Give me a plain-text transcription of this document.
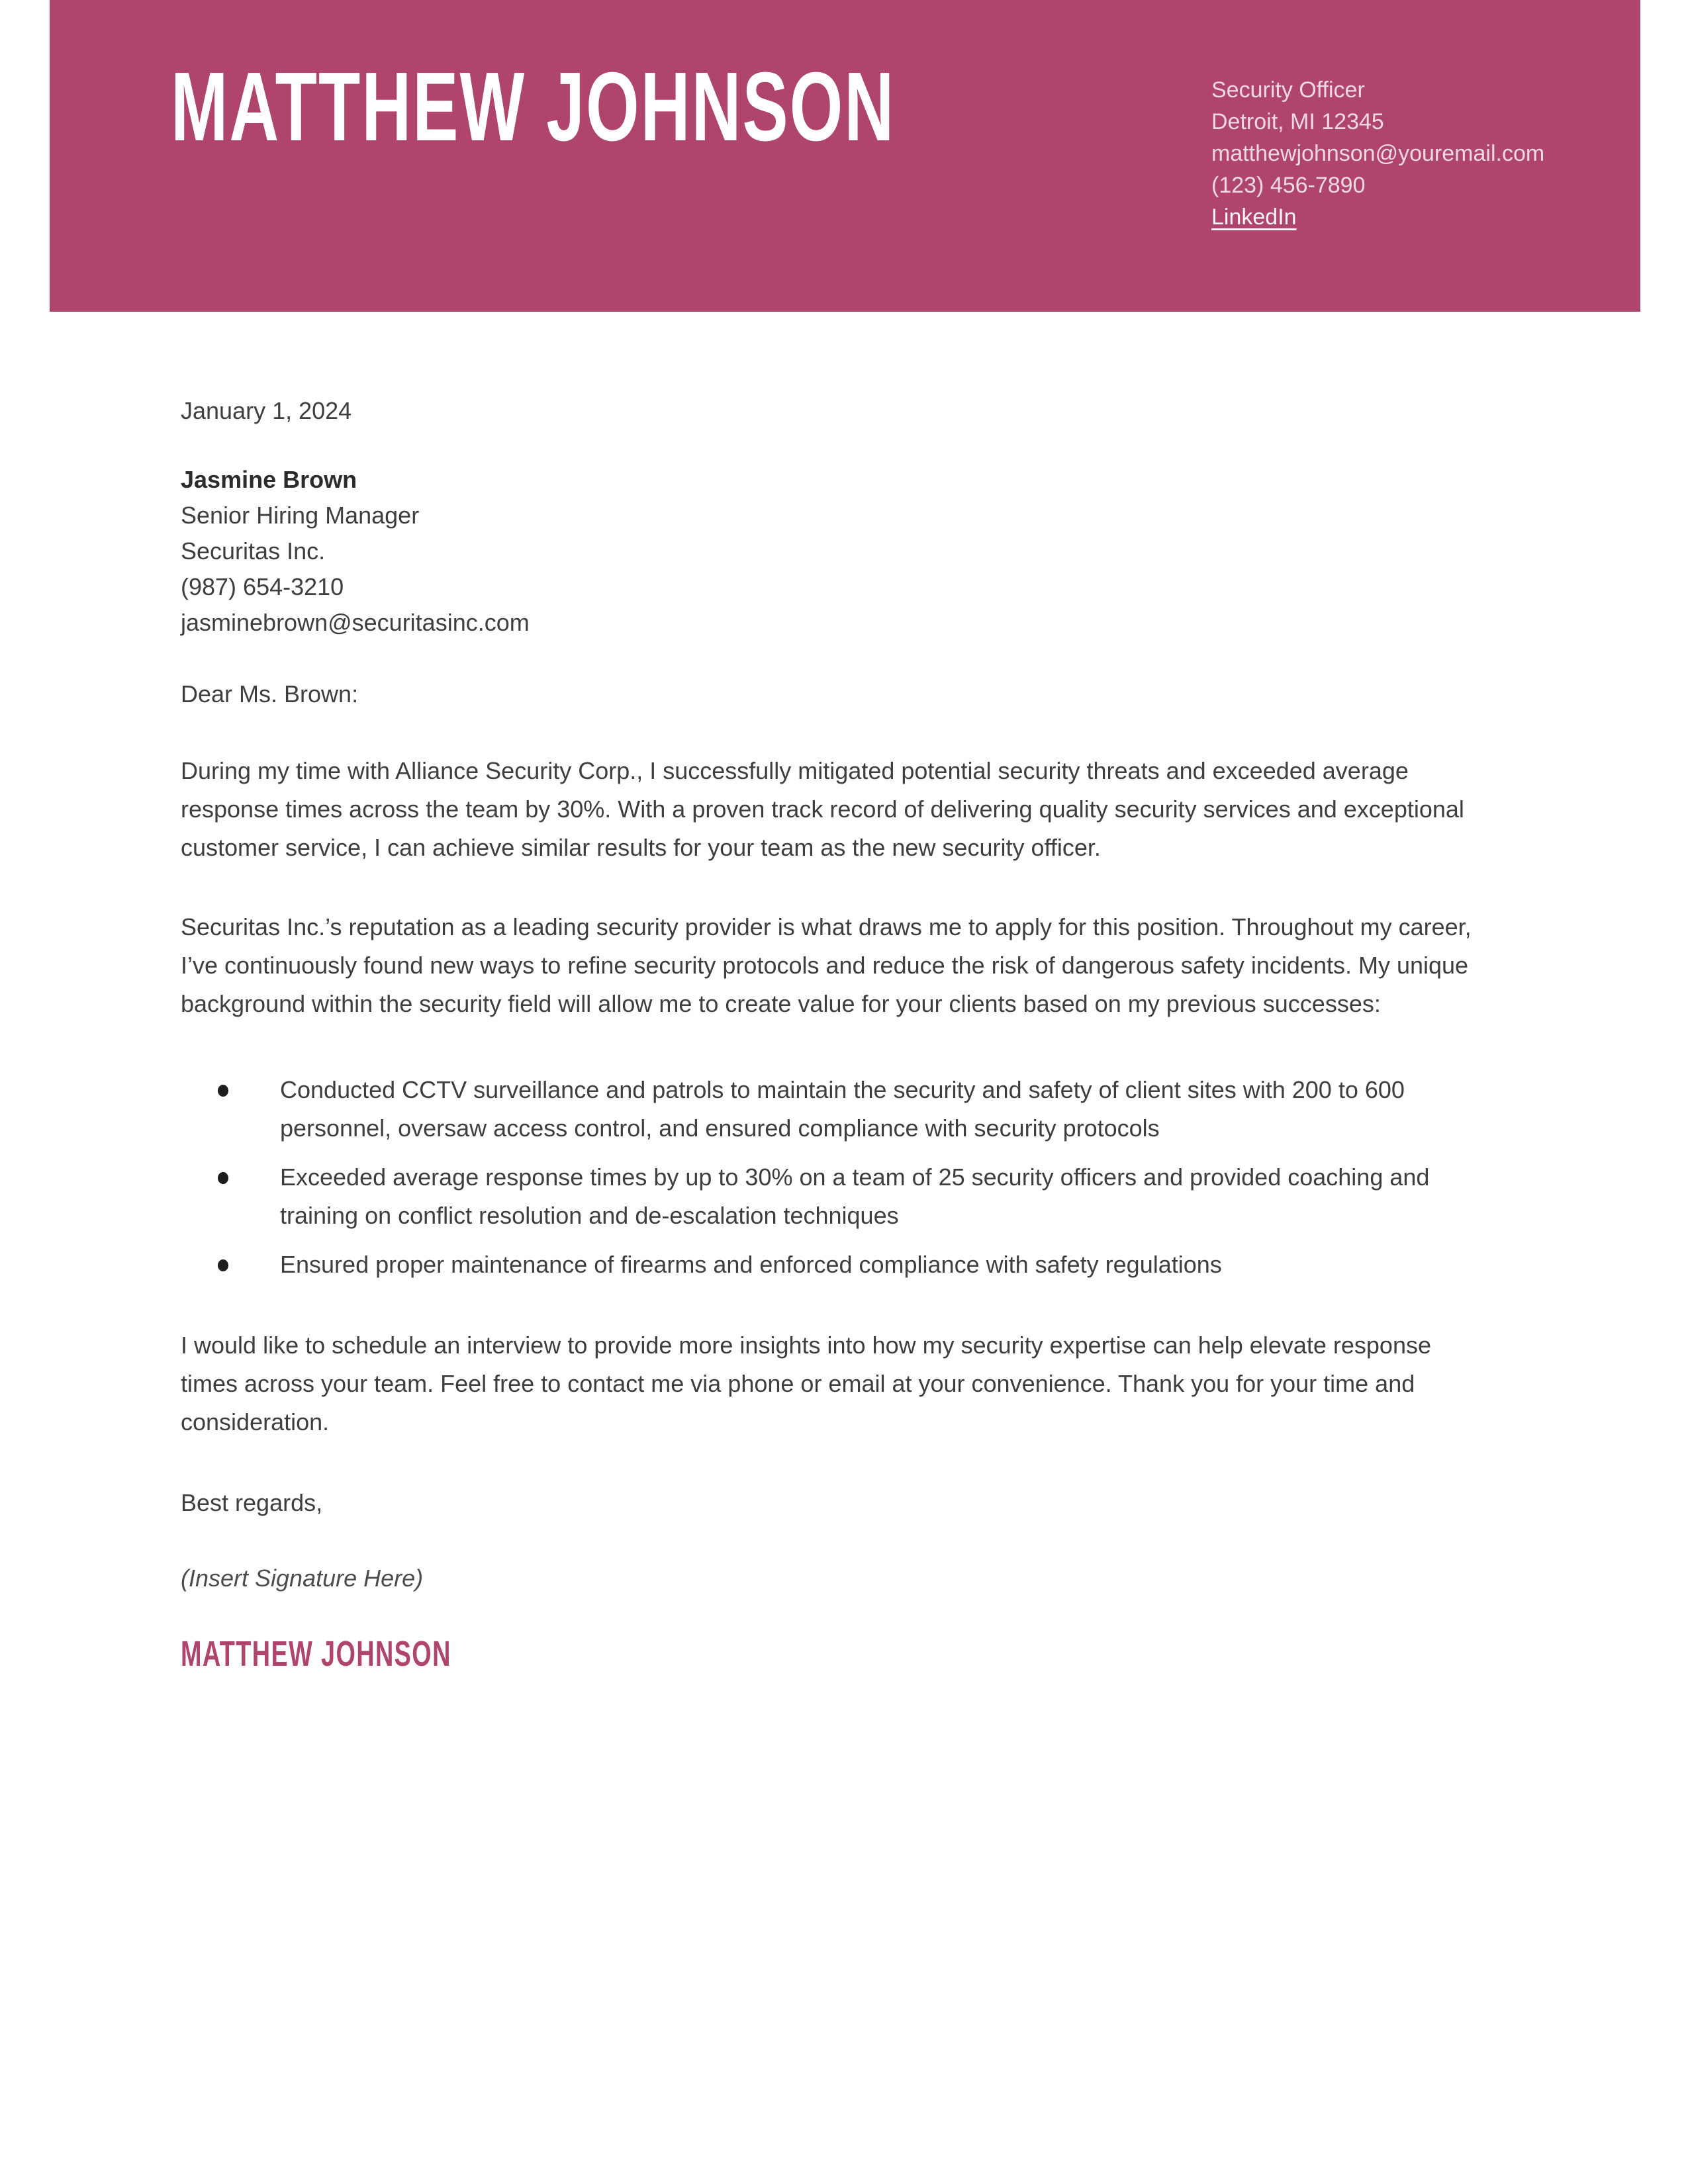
MATTHEW JOHNSON	Security Officer
Detroit, MI 12345
matthewjohnson@youremail.com
(123) 456-7890
LinkedIn
January 1, 2024
Jasmine Brown
Senior Hiring Manager
Securitas Inc.
(987) 654-3210
jasminebrown@securitasinc.com
Dear Ms. Brown:
During my time with Alliance Security Corp., I successfully mitigated potential security threats and exceeded average response times across the team by 30%. With a proven track record of delivering quality security services and exceptional customer service, I can achieve similar results for your team as the new security officer.
Securitas Inc.’s reputation as a leading security provider is what draws me to apply for this position. Throughout my career, I’ve continuously found new ways to refine security protocols and reduce the risk of dangerous safety incidents. My unique background within the security field will allow me to create value for your clients based on my previous successes:
Conducted CCTV surveillance and patrols to maintain the security and safety of client sites with 200 to 600 personnel, oversaw access control, and ensured compliance with security protocols
Exceeded average response times by up to 30% on a team of 25 security officers and provided coaching and training on conflict resolution and de-escalation techniques
Ensured proper maintenance of firearms and enforced compliance with safety regulations
I would like to schedule an interview to provide more insights into how my security expertise can help elevate response times across your team. Feel free to contact me via phone or email at your convenience. Thank you for your time and consideration.
Best regards,
(Insert Signature Here)
MATTHEW JOHNSON
